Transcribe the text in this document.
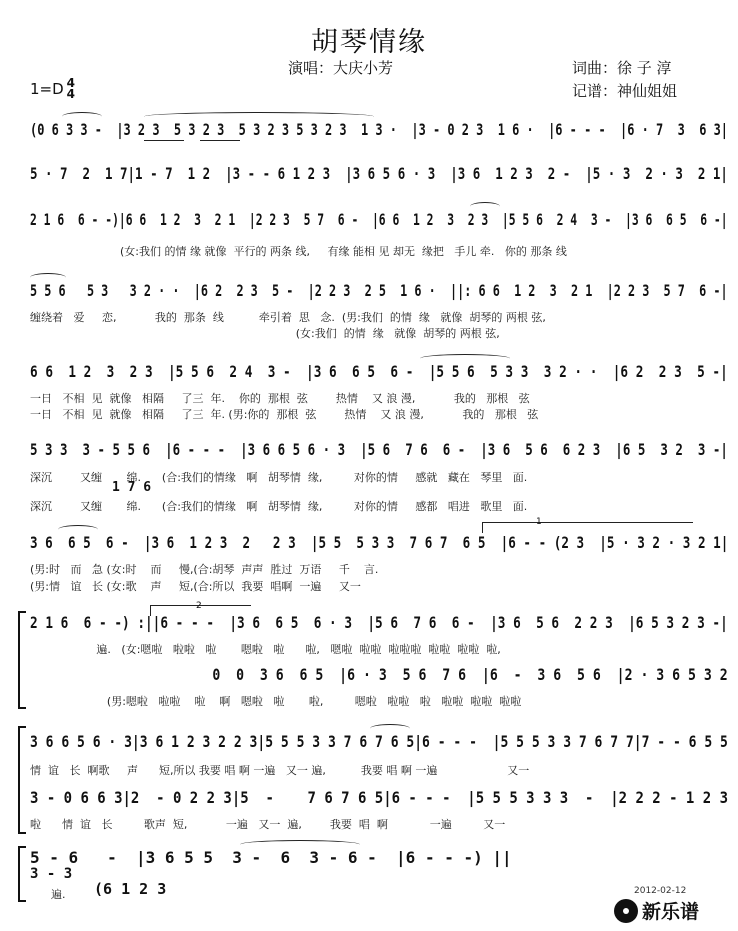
胡琴情缘
演唱：大庆小芳	词曲：徐 子 淳
记谱：神仙姐姐
1=D 4
4
(0 6 3 3 -  |3 2 3  5 3 2 3  5 3 2 3 5 3 2 3  1 3 ·  |3 - 0 2 3  1 6 ·  |6 - - -  |6 · 7  3  6 3|
5 · 7  2  1 7|1 - 7  1 2  |3 - - 6 1 2 3  |3 6 5 6 · 3  |3 6  1 2 3  2 -  |5 · 3  2 · 3  2 1|
2 1 6  6 - -)|6 6  1 2  3  2 1  |2 2 3  5 7  6 -  |6 6  1 2  3  2 3  |5 5 6  2 4  3 -  |3 6  6 5  6 -|
(女:我们 的情 缘 就像  平行的 两条 线,     有缘 能相 见 却无  缘把   手儿 牵.   你的 那条 线
5 5 6   5 3   3 2 · ·  |6 2  2 3  5 -  |2 2 3  2 5  1 6 ·  ||: 6 6  1 2  3  2 1  |2 2 3  5 7  6 -|
缠绕着   爱     恋,           我的  那条  线          牵引着  思   念.  (男:我们  的情  缘   就像  胡琴的 两根 弦,
(女:我们  的情  缘   就像  胡琴的 两根 弦,
6 6  1 2  3  2 3  |5 5 6  2 4  3 -  |3 6  6 5  6 -  |5 5 6  5 3 3  3 2 · ·  |6 2  2 3  5 -|
一日   不相  见  就像   相隔     了三  年.    你的  那根  弦        热情    又 浪 漫,           我的   那根   弦
一日   不相  见  就像   相隔     了三  年. (男:你的  那根  弦        热情    又 浪 漫,           我的   那根   弦
5 3 3  3 - 5 5 6  |6 - - -  |3 6 6 5 6 · 3  |5 6  7 6  6 -  |3 6  5 6  6 2 3  |6 5  3 2  3 -|
深沉        又缠       绵.      (合:我们的情缘   啊   胡琴情  缘,         对你的情     感就   藏在   琴里   面.
1 7 6
深沉        又缠       绵.      (合:我们的情缘   啊   胡琴情  缘,         对你的情     感都   唱进   歌里   面.
1
3 6  6 5  6 -  |3 6  1 2 3  2   2 3  |5 5  5 3 3  7 6 7  6 5  |6 - - (2 3  |5 · 3 2 · 3 2 1|
(男:时   而   急 (女:时    而     慢,(合:胡琴  声声  胜过  万语     千    言.
(男:情   谊   长 (女:歌    声     短,(合:所以  我要  唱啊  一遍     又一
2
2 1 6  6 - -) :||6 - - -  |3 6  6 5  6 · 3  |5 6  7 6  6 -  |3 6  5 6  2 2 3  |6 5 3 2 3 -|
遍.   (女:嗯啦   啦啦   啦       嗯啦   啦      啦,   嗯啦  啦啦  啦啦啦  啦啦  啦啦  啦,
0  0  3 6  6 5  |6 · 3  5 6  7 6  |6  -  3 6  5 6  |2 · 3 6 5 3 2
(男:嗯啦   啦啦    啦    啊   嗯啦   啦       啦,         嗯啦   啦啦   啦   啦啦  啦啦  啦啦
3 6 6 5 6 · 3|3 6 1 2 3 2 2 3|5 5 5 3 3 7 6 7 6 5|6 - - -  |5 5 5 3 3 7 6 7 7|7 - - 6 5 5
情  谊   长  啊歌     声      短,所以 我要 唱 啊 一遍   又一 遍,          我要 唱 啊 一遍                    又一
3 - 0 6 6 3|2  - 0 2 2 3|5  -    7 6 7 6 5|6 - - -  |5 5 5 3 3 3  -  |2 2 2 - 1 2 3
啦      情  谊   长         歌声  短,           一遍   又一  遍,        我要  唱  啊            一遍         又一
5 - 6   -  |3 6 5 5  3 -  6  3 - 6 -  |6 - - -) ||
3 - 3
(6 1 2 3
遍.	2012-02-12
新乐谱
